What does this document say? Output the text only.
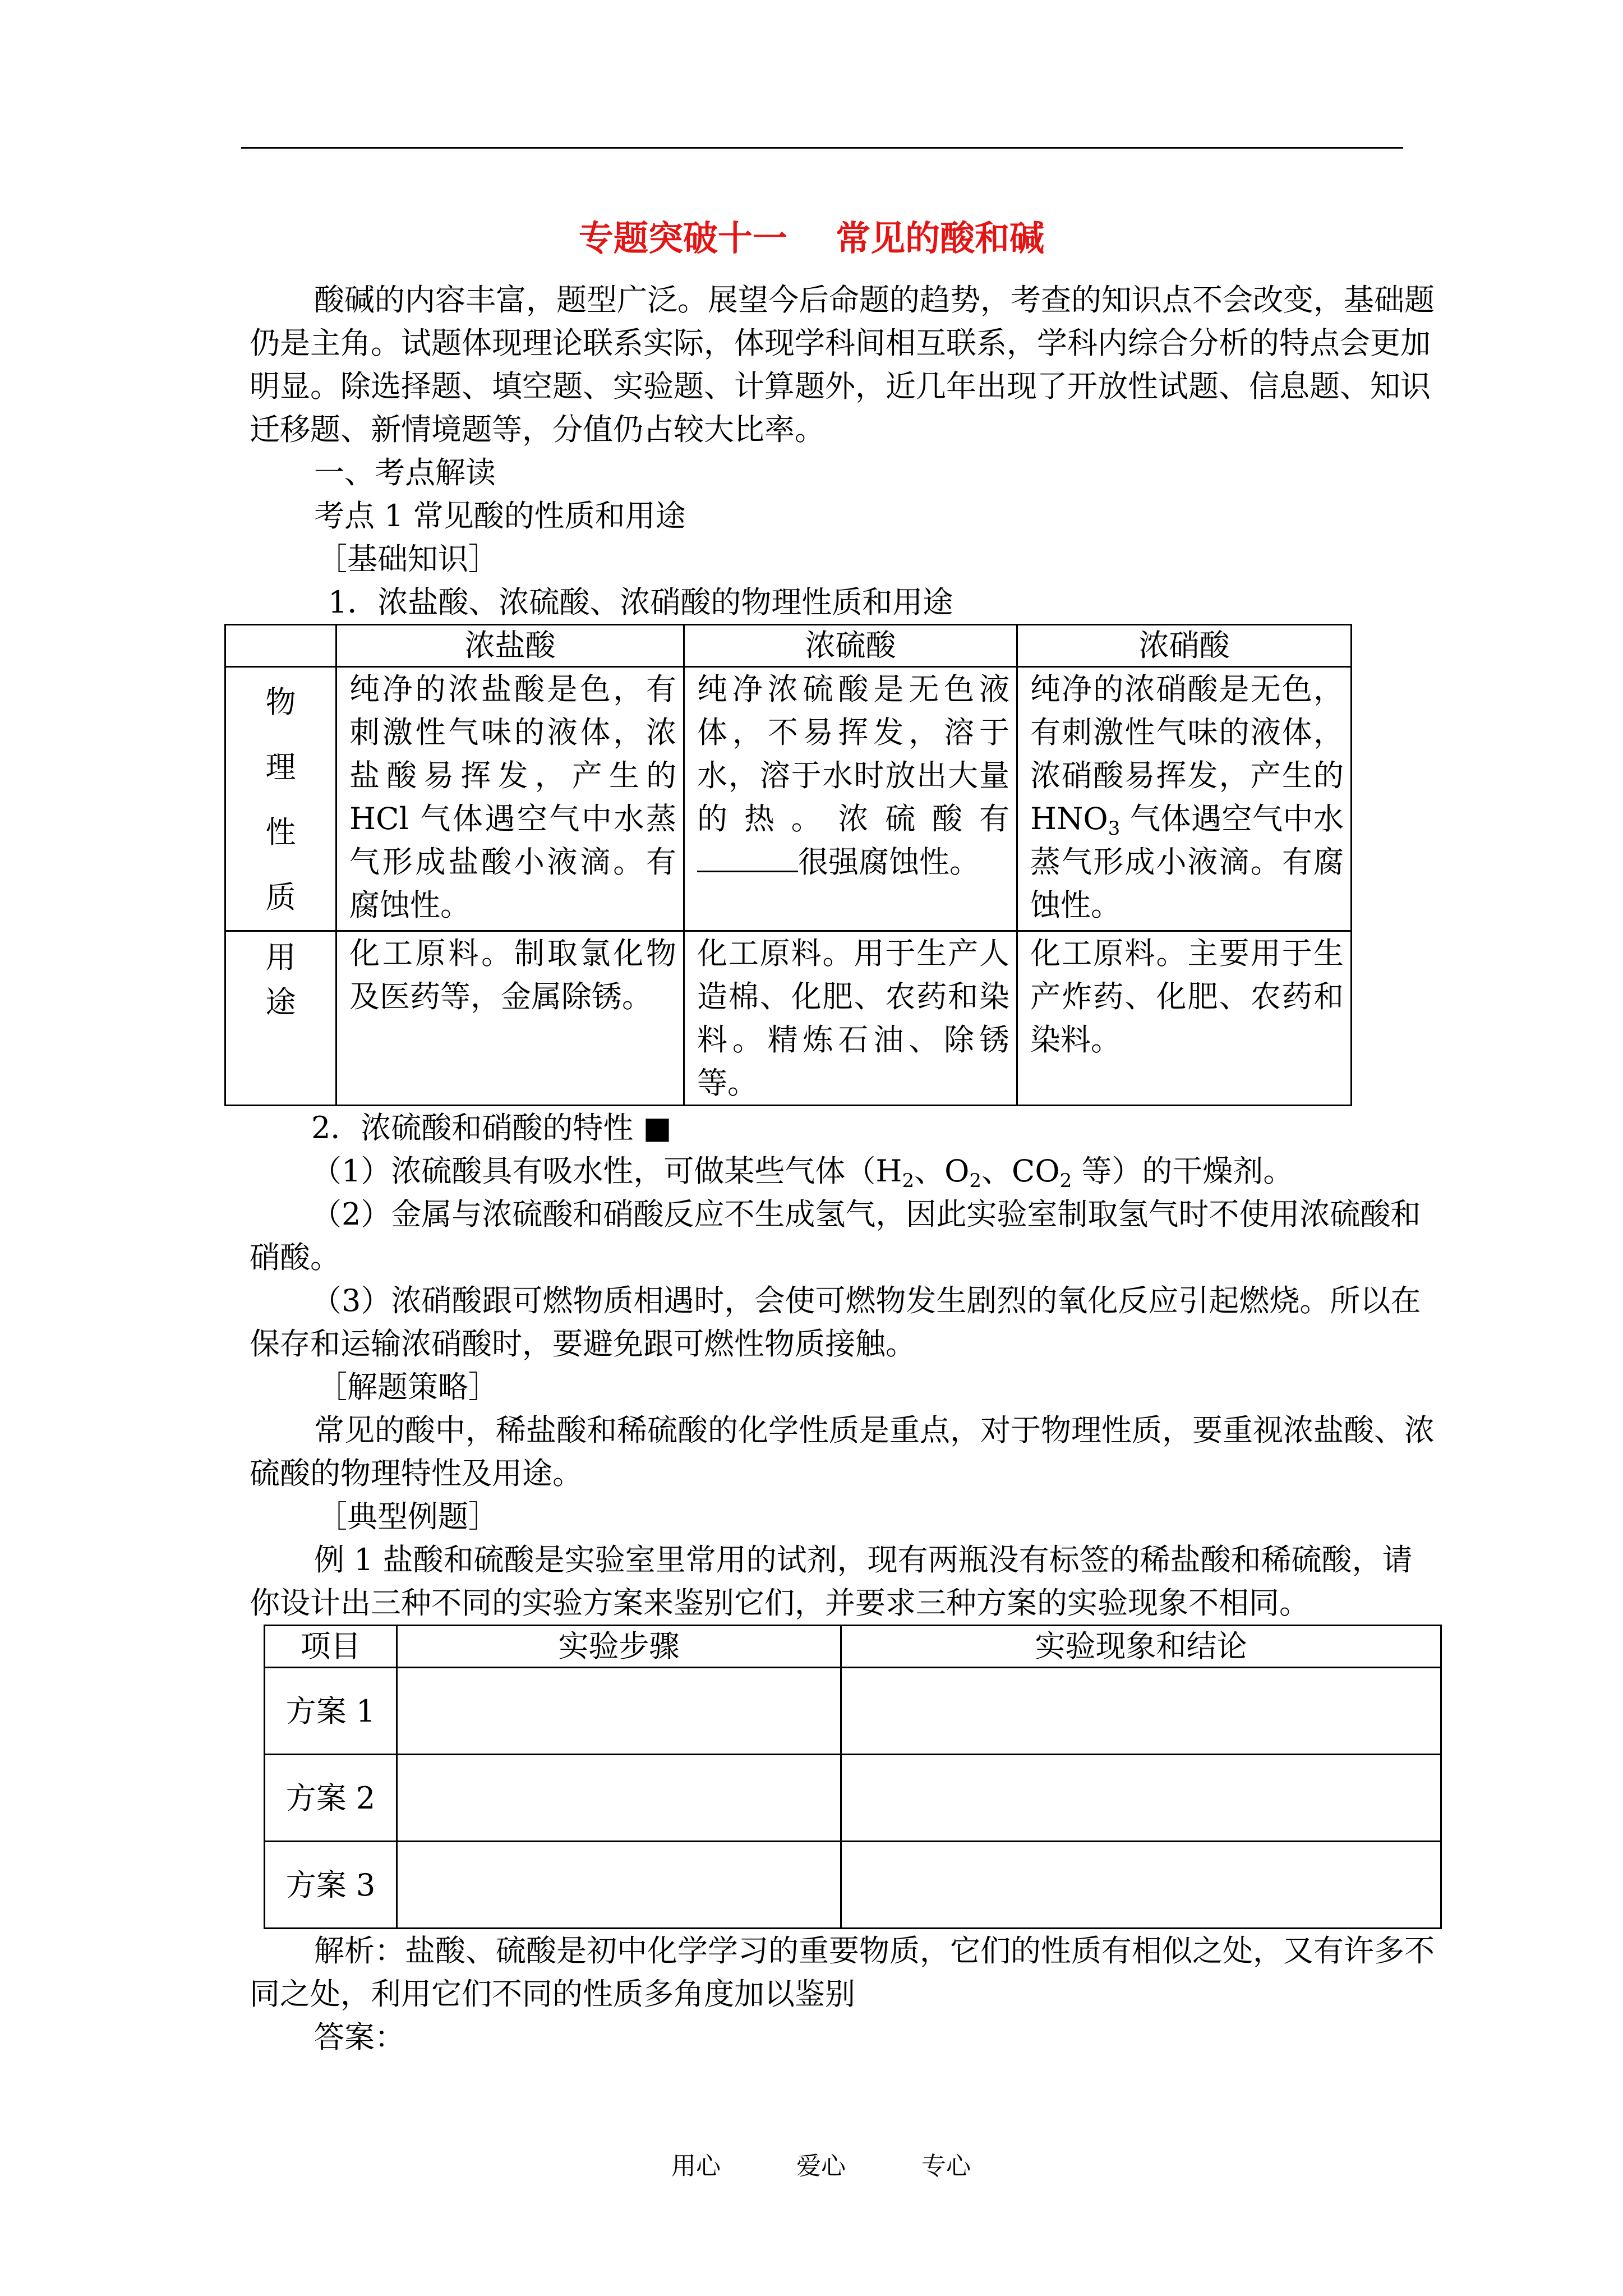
专题突破十一    常见的酸和碱

酸碱的内容丰富，题型广泛。展望今后命题的趋势，考查的知识点不会改变，基础题仍是主角。试题体现理论联系实际，体现学科间相互联系，学科内综合分析的特点会更加明显。除选择题、填空题、实验题、计算题外，近几年出现了开放性试题、信息题、知识迁移题、新情境题等，分值仍占较大比率。

一、考点解读

考点 1 常见酸的性质和用途

［基础知识］

1．浓盐酸、浓硫酸、浓硝酸的物理性质和用途

	浓盐酸	浓硫酸	浓硝酸

物
理
性
质	纯净的浓盐酸是色，有刺激性气味的液体，浓盐酸易挥发，产生的 HCl 气体遇空气中水蒸气形成盐酸小液滴。有腐蚀性。	纯净浓硫酸是无色液体，不易挥发，溶于水，溶于水时放出大量的热。浓硫酸有很强腐蚀性。	纯净的浓硝酸是无色，有刺激性气味的液体，浓硝酸易挥发，产生的 $HNO_3$ 气体遇空气中水蒸气形成小液滴。有腐蚀性。

用
途	化工原料。制取氯化物及医药等，金属除锈。	化工原料。用于生产人造棉、化肥、农药和染料。精炼石油、除锈等。	化工原料。主要用于生产炸药、化肥、农药和染料。

2．浓硫酸和硝酸的特性 ■

（1）浓硫酸具有吸水性，可做某些气体（$H_2$、$O_2$、$CO_2$ 等）的干燥剂。

（2）金属与浓硫酸和硝酸反应不生成氢气，因此实验室制取氢气时不使用浓硫酸和硝酸。

（3）浓硝酸跟可燃物质相遇时，会使可燃物发生剧烈的氧化反应引起燃烧。所以在保存和运输浓硝酸时，要避免跟可燃性物质接触。

［解题策略］

常见的酸中，稀盐酸和稀硫酸的化学性质是重点，对于物理性质，要重视浓盐酸、浓硫酸的物理特性及用途。

［典型例题］

例 1 盐酸和硫酸是实验室里常用的试剂，现有两瓶没有标签的稀盐酸和稀硫酸，请你设计出三种不同的实验方案来鉴别它们，并要求三种方案的实验现象不相同。

项目	实验步骤	实验现象和结论
方案 1		
方案 2		
方案 3		

解析：盐酸、硫酸是初中化学学习的重要物质，它们的性质有相似之处，又有许多不同之处，利用它们不同的性质多角度加以鉴别

答案：

用心	爱心	专心
